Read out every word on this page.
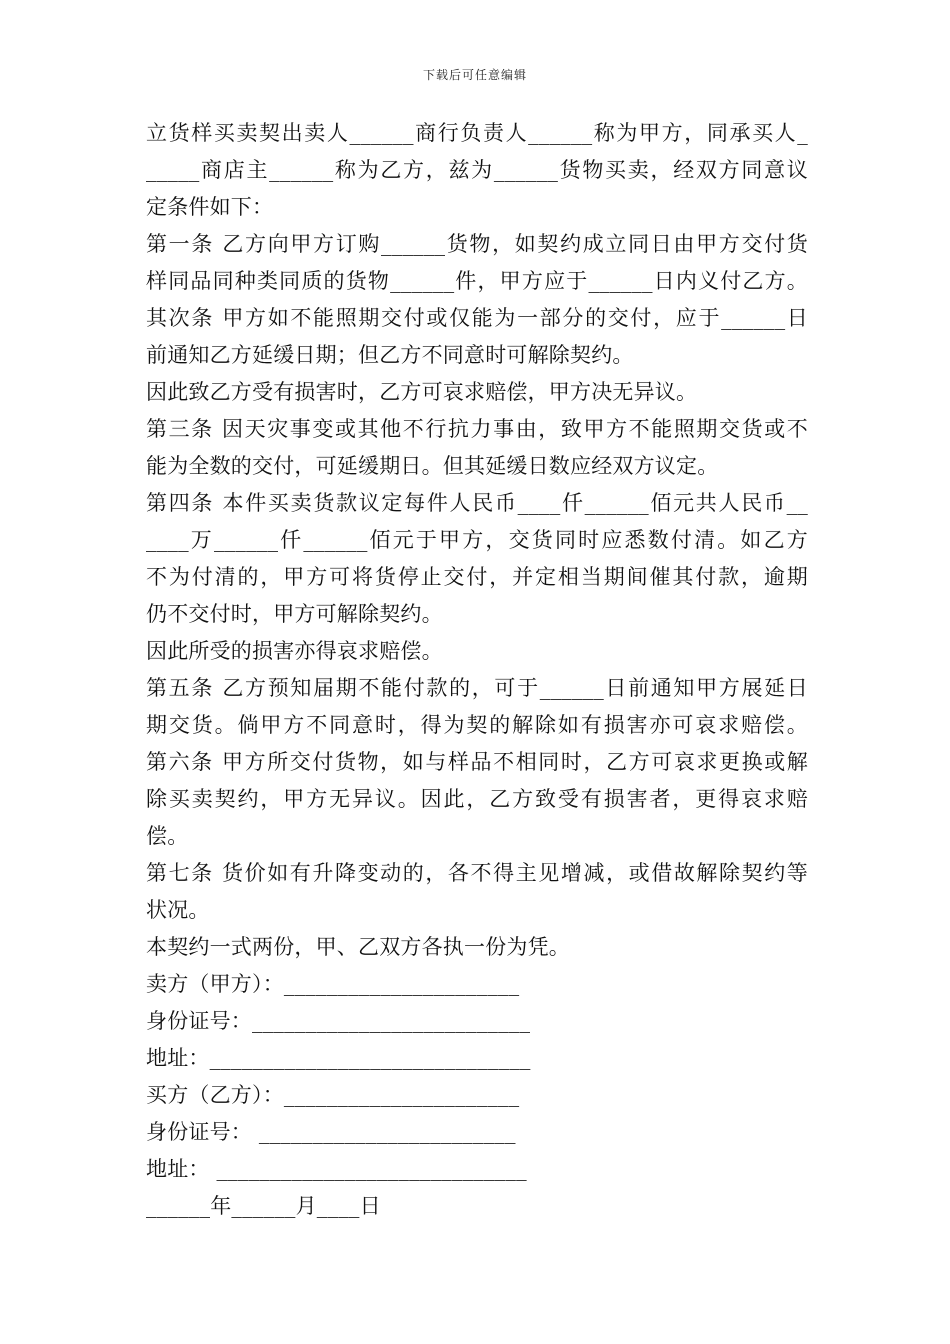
下载后可任意编辑
立货样买卖契出卖人______商行负责人______称为甲方，同承买人_
_____商店主______称为乙方，兹为______货物买卖，经双方同意议
定条件如下：
第一条 乙方向甲方订购______货物，如契约成立同日由甲方交付货
样同品同种类同质的货物______件，甲方应于______日内义付乙方。
其次条 甲方如不能照期交付或仅能为一部分的交付，应于______日
前通知乙方延缓日期；但乙方不同意时可解除契约。
因此致乙方受有损害时，乙方可哀求赔偿，甲方决无异议。
第三条 因天灾事变或其他不行抗力事由，致甲方不能照期交货或不
能为全数的交付，可延缓期日。但其延缓日数应经双方议定。
第四条 本件买卖货款议定每件人民币____仟______佰元共人民币__
____万______仟______佰元于甲方，交货同时应悉数付清。如乙方
不为付清的，甲方可将货停止交付，并定相当期间催其付款，逾期
仍不交付时，甲方可解除契约。
因此所受的损害亦得哀求赔偿。
第五条 乙方预知届期不能付款的，可于______日前通知甲方展延日
期交货。倘甲方不同意时，得为契的解除如有损害亦可哀求赔偿。
第六条 甲方所交付货物，如与样品不相同时，乙方可哀求更换或解
除买卖契约，甲方无异议。因此，乙方致受有损害者，更得哀求赔
偿。
第七条 货价如有升降变动的，各不得主见增减，或借故解除契约等
状况。
本契约一式两份，甲、乙双方各执一份为凭。
卖方（甲方）：______________________
身份证号：__________________________
地址：______________________________
买方（乙方）：______________________
身份证号： ________________________
地址： _____________________________
______年______月____日
